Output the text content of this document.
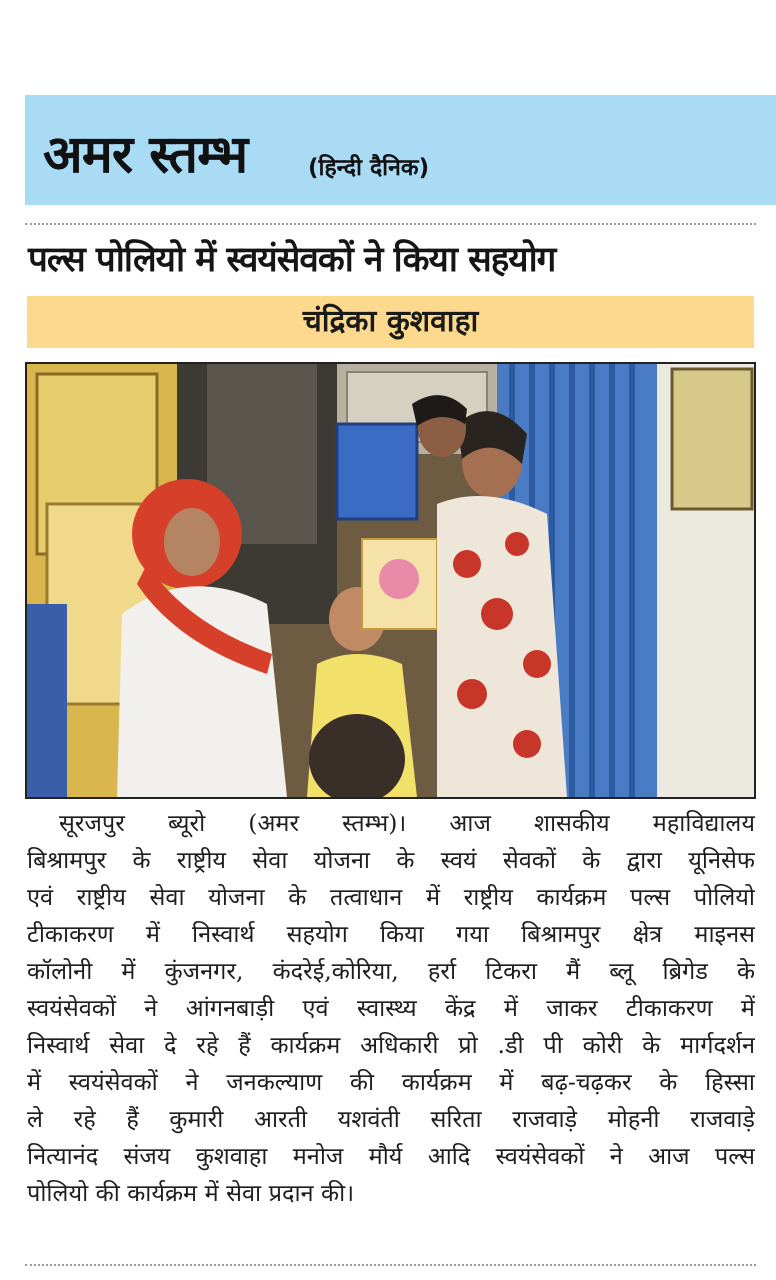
अमर स्तम्भ	(हिन्दी दैनिक)
पल्स पोलियो में स्वयंसेवकों ने किया सहयोग
चंद्रिका कुशवाहा
सूरजपुर ब्यूरो (अमर स्तम्भ)। आज शासकीय महाविद्यालय
बिश्रामपुर के राष्ट्रीय सेवा योजना के स्वयं सेवकों के द्वारा यूनिसेफ
एवं राष्ट्रीय सेवा योजना के तत्वाधान में राष्ट्रीय कार्यक्रम पल्स पोलियो
टीकाकरण में निस्वार्थ सहयोग किया गया बिश्रामपुर क्षेत्र माइनस
कॉलोनी में कुंजनगर, कंदरेई,कोरिया, हर्रा टिकरा मैं ब्लू ब्रिगेड के
स्वयंसेवकों ने आंगनबाड़ी एवं स्वास्थ्य केंद्र में जाकर टीकाकरण में
निस्वार्थ सेवा दे रहे हैं कार्यक्रम अधिकारी प्रो .डी पी कोरी के मार्गदर्शन
में स्वयंसेवकों ने जनकल्याण की कार्यक्रम में बढ़-चढ़कर के हिस्सा
ले रहे हैं कुमारी आरती यशवंती सरिता राजवाड़े मोहनी राजवाड़े
नित्यानंद संजय कुशवाहा मनोज मौर्य आदि स्वयंसेवकों ने आज पल्स
पोलियो की कार्यक्रम में सेवा प्रदान की।
